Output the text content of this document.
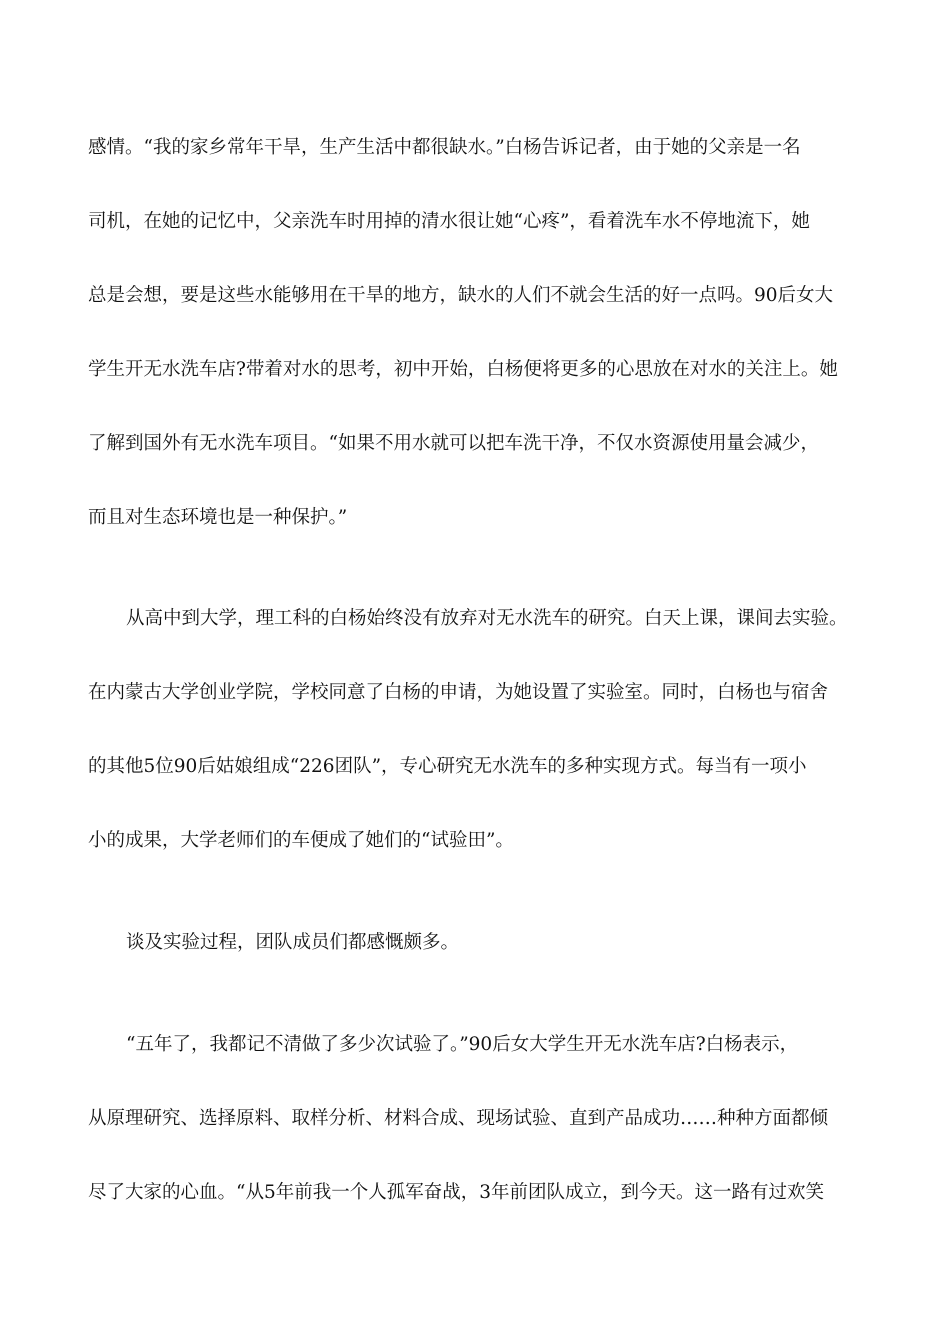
感情。“我的家乡常年干旱，生产生活中都很缺水。”白杨告诉记者，由于她的父亲是一名
司机，在她的记忆中，父亲洗车时用掉的清水很让她“心疼”，看着洗车水不停地流下，她
总是会想，要是这些水能够用在干旱的地方，缺水的人们不就会生活的好一点吗。90后女大
学生开无水洗车店?带着对水的思考，初中开始，白杨便将更多的心思放在对水的关注上。她
了解到国外有无水洗车项目。“如果不用水就可以把车洗干净，不仅水资源使用量会减少，
而且对生态环境也是一种保护。”
从高中到大学，理工科的白杨始终没有放弃对无水洗车的研究。白天上课，课间去实验。
在内蒙古大学创业学院，学校同意了白杨的申请，为她设置了实验室。同时，白杨也与宿舍
的其他5位90后姑娘组成“226团队”，专心研究无水洗车的多种实现方式。每当有一项小
小的成果，大学老师们的车便成了她们的“试验田”。
谈及实验过程，团队成员们都感慨颇多。
“五年了，我都记不清做了多少次试验了。”90后女大学生开无水洗车店?白杨表示，
从原理研究、选择原料、取样分析、材料合成、现场试验、直到产品成功……种种方面都倾
尽了大家的心血。“从5年前我一个人孤军奋战，3年前团队成立，到今天。这一路有过欢笑
